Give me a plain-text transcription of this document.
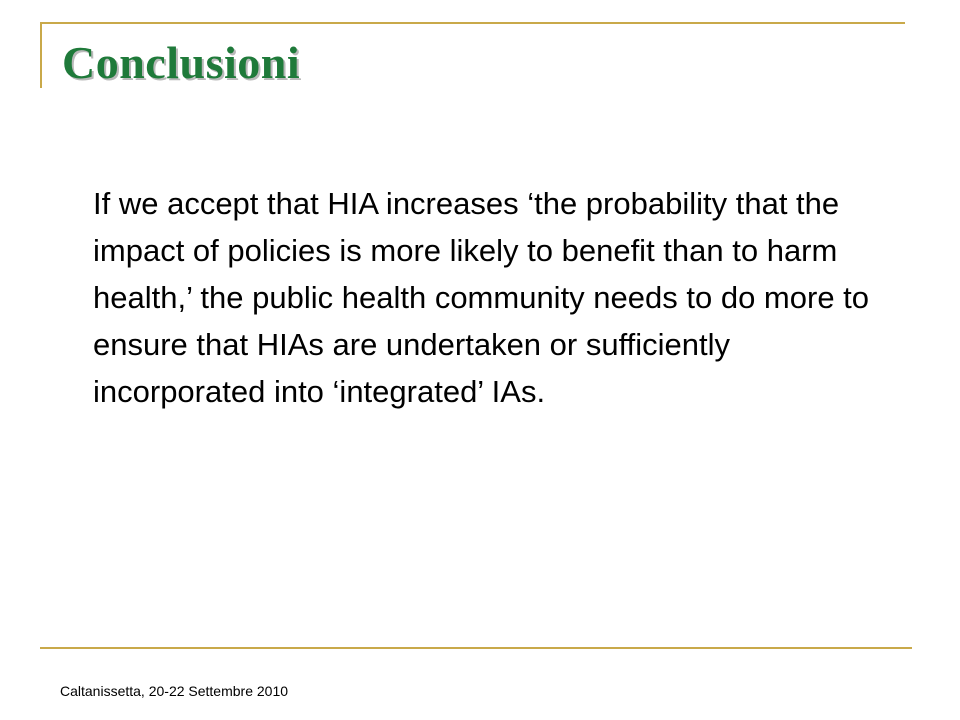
Conclusioni

If we accept that HIA increases ‘the probability that the impact of policies is more likely to benefit than to harm health,’ the public health community needs to do more to ensure that HIAs are undertaken or sufficiently incorporated into ‘integrated’ IAs.

Caltanissetta, 20-22 Settembre 2010
